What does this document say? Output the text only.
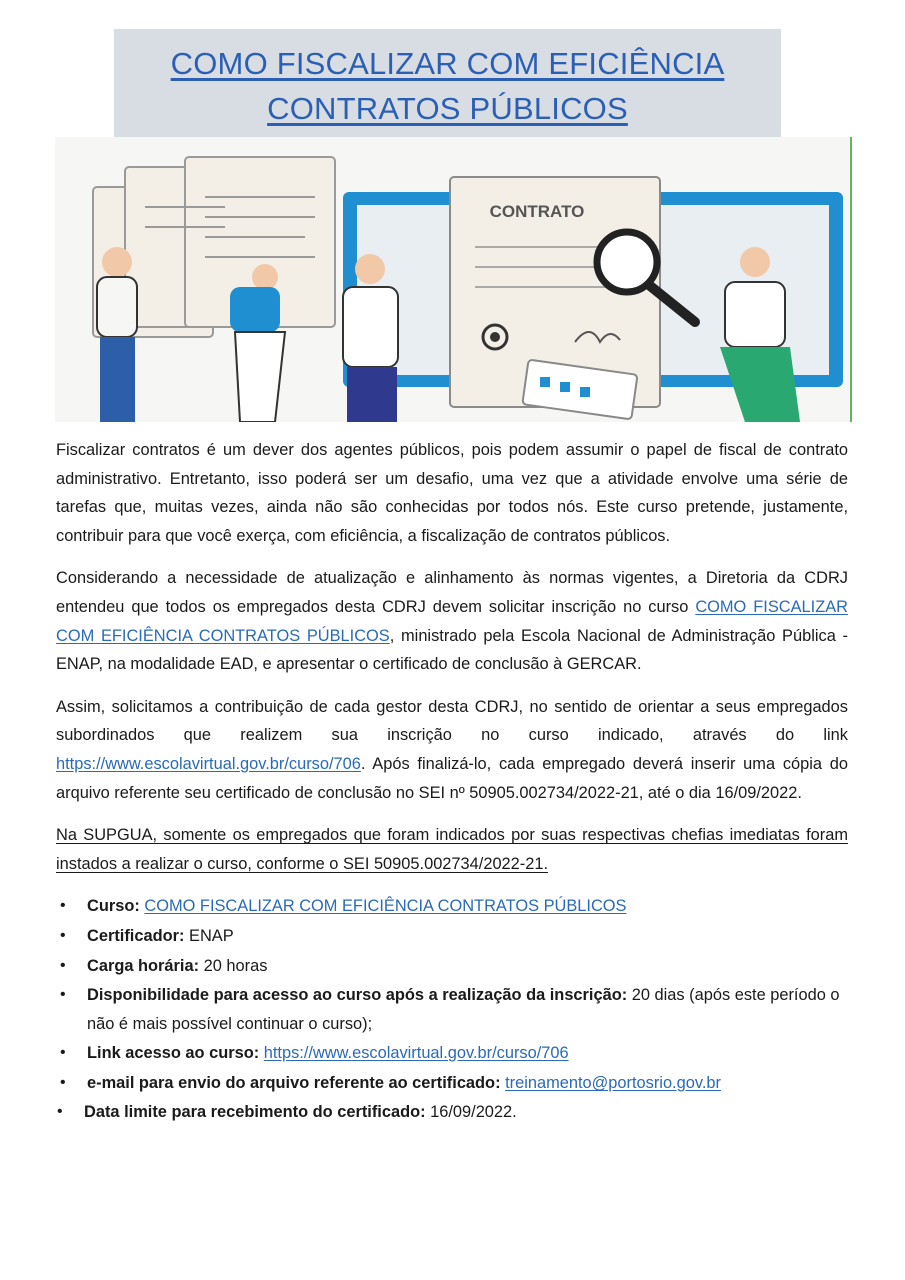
COMO FISCALIZAR COM EFICIÊNCIA
CONTRATOS PÚBLICOS
CONTRATO

Fiscalizar contratos é um dever dos agentes públicos, pois podem assumir o papel de fiscal de contrato administrativo. Entretanto, isso poderá ser um desafio, uma vez que a atividade envolve uma série de tarefas que, muitas vezes, ainda não são conhecidas por todos nós. Este curso pretende, justamente, contribuir para que você exerça, com eficiência, a fiscalização de contratos públicos.

Considerando a necessidade de atualização e alinhamento às normas vigentes, a Diretoria da CDRJ entendeu que todos os empregados desta CDRJ devem solicitar inscrição no curso COMO FISCALIZAR COM EFICIÊNCIA CONTRATOS PÚBLICOS, ministrado pela Escola Nacional de Administração Pública - ENAP, na modalidade EAD, e apresentar o certificado de conclusão à GERCAR.

Assim, solicitamos a contribuição de cada gestor desta CDRJ, no sentido de orientar a seus empregados subordinados que realizem sua inscrição no curso indicado, através do link https://www.escolavirtual.gov.br/curso/706. Após finalizá-lo, cada empregado deverá inserir uma cópia do arquivo referente seu certificado de conclusão no SEI nº 50905.002734/2022-21, até o dia 16/09/2022.

Na SUPGUA, somente os empregados que foram indicados por suas respectivas chefias imediatas foram instados a realizar o curso, conforme o SEI 50905.002734/2022-21.

• Curso: COMO FISCALIZAR COM EFICIÊNCIA CONTRATOS PÚBLICOS
• Certificador: ENAP
• Carga horária: 20 horas
• Disponibilidade para acesso ao curso após a realização da inscrição: 20 dias (após este período o não é mais possível continuar o curso);
• Link acesso ao curso: https://www.escolavirtual.gov.br/curso/706
• e-mail para envio do arquivo referente ao certificado: treinamento@portosrio.gov.br
• Data limite para recebimento do certificado: 16/09/2022.
